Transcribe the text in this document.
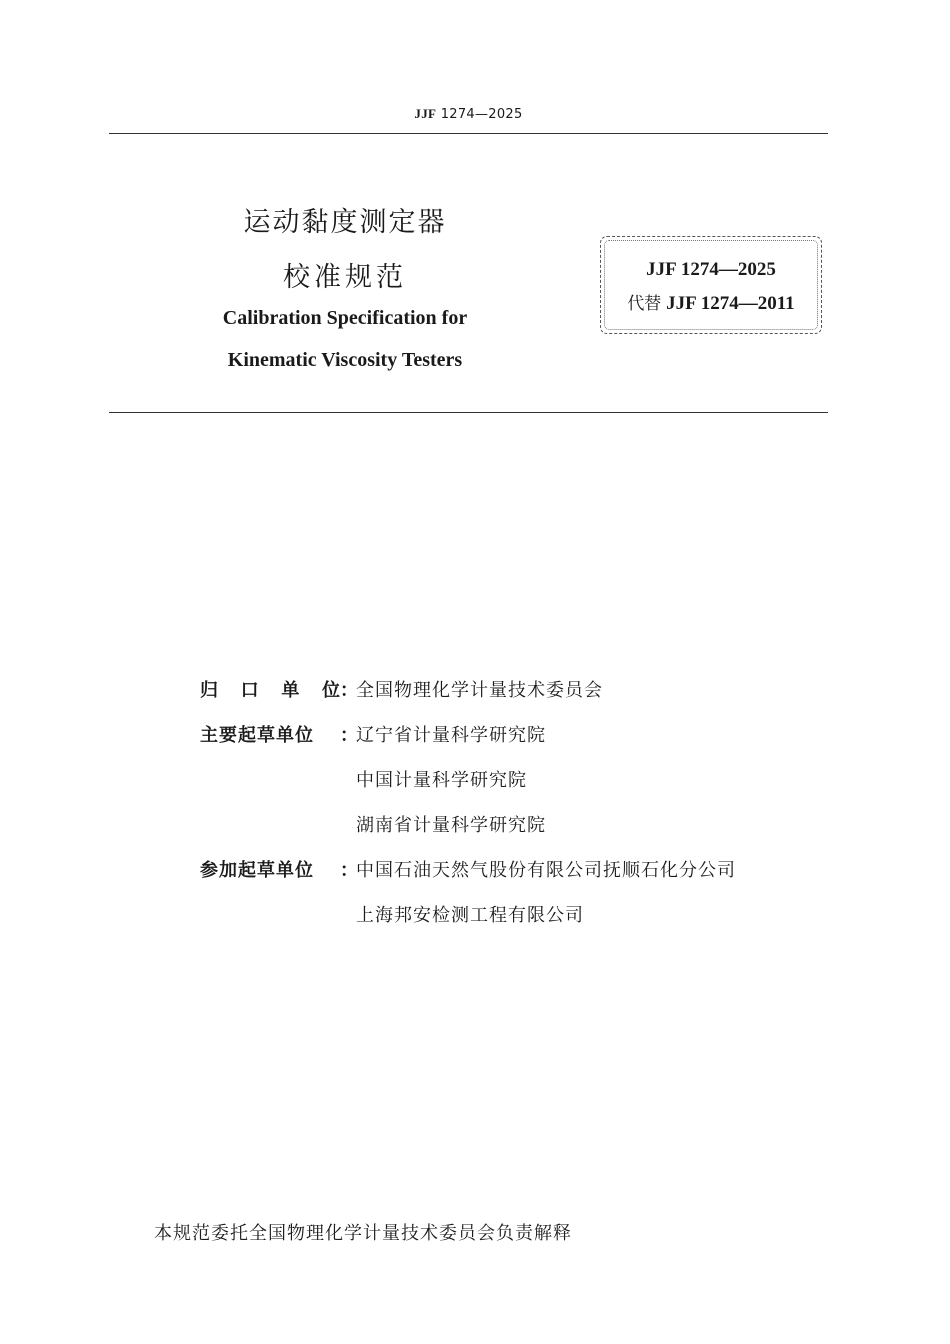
JJF 1274—2025
运动黏度测定器
校准规范
Calibration Specification for
Kinematic Viscosity Testers
JJF 1274—2025
代替 JJF 1274—2011
归 口 单 位 ：
全国物理化学计量技术委员会
主要起草单位	：
辽宁省计量科学研究院
中国计量科学研究院
湖南省计量科学研究院
参加起草单位	：
中国石油天然气股份有限公司抚顺石化分公司
上海邦安检测工程有限公司
本规范委托全国物理化学计量技术委员会负责解释
